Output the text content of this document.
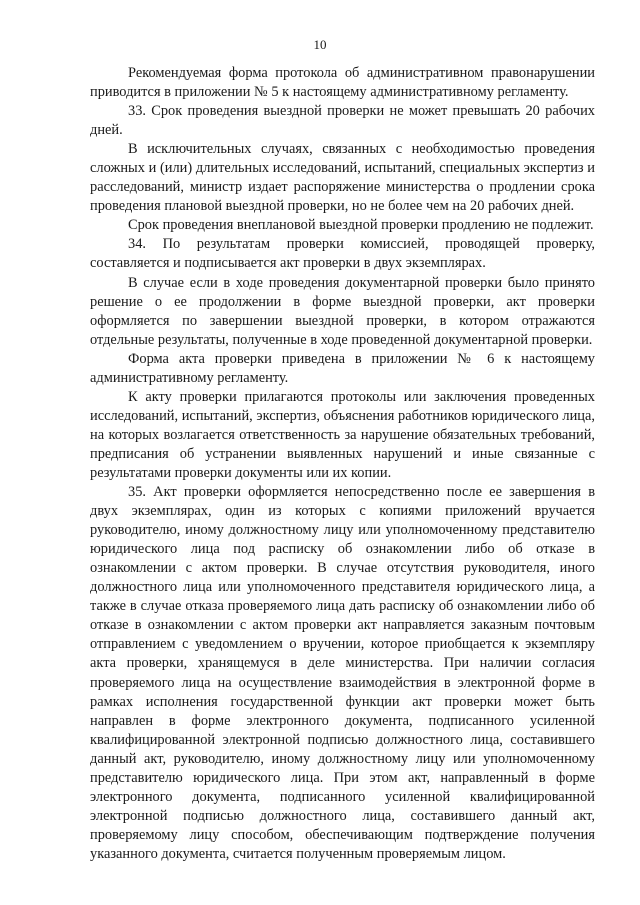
10

Рекомендуемая форма протокола об административном правонарушении приводится в приложении № 5 к настоящему административному регламенту.

33. Срок проведения выездной проверки не может превышать 20 рабочих дней.

В исключительных случаях, связанных с необходимостью проведения сложных и (или) длительных исследований, испытаний, специальных экспертиз и расследований, министр издает распоряжение министерства о продлении срока проведения плановой выездной проверки, но не более чем на 20 рабочих дней.

Срок проведения внеплановой выездной проверки продлению не подлежит.

34. По результатам проверки комиссией, проводящей проверку, составляется и подписывается акт проверки в двух экземплярах.

В случае если в ходе проведения документарной проверки было принято решение о ее продолжении в форме выездной проверки, акт проверки оформляется по завершении выездной проверки, в котором отражаются отдельные результаты, полученные в ходе проведенной документарной проверки.

Форма акта проверки приведена в приложении № 6 к настоящему административному регламенту.

К акту проверки прилагаются протоколы или заключения проведенных исследований, испытаний, экспертиз, объяснения работников юридического лица, на которых возлагается ответственность за нарушение обязательных требований, предписания об устранении выявленных нарушений и иные связанные с результатами проверки документы или их копии.

35. Акт проверки оформляется непосредственно после ее завершения в двух экземплярах, один из которых с копиями приложений вручается руководителю, иному должностному лицу или уполномоченному представителю юридического лица под расписку об ознакомлении либо об отказе в ознакомлении с актом проверки. В случае отсутствия руководителя, иного должностного лица или уполномоченного представителя юридического лица, а также в случае отказа проверяемого лица дать расписку об ознакомлении либо об отказе в ознакомлении с актом проверки акт направляется заказным почтовым отправлением с уведомлением о вручении, которое приобщается к экземпляру акта проверки, хранящемуся в деле министерства. При наличии согласия проверяемого лица на осуществление взаимодействия в электронной форме в рамках исполнения государственной функции акт проверки может быть направлен в форме электронного документа, подписанного усиленной квалифицированной электронной подписью должностного лица, составившего данный акт, руководителю, иному должностному лицу или уполномоченному представителю юридического лица. При этом акт, направленный в форме электронного документа, подписанного усиленной квалифицированной электронной подписью должностного лица, составившего данный акт, проверяемому лицу способом, обеспечивающим подтверждение получения указанного документа, считается полученным проверяемым лицом.
